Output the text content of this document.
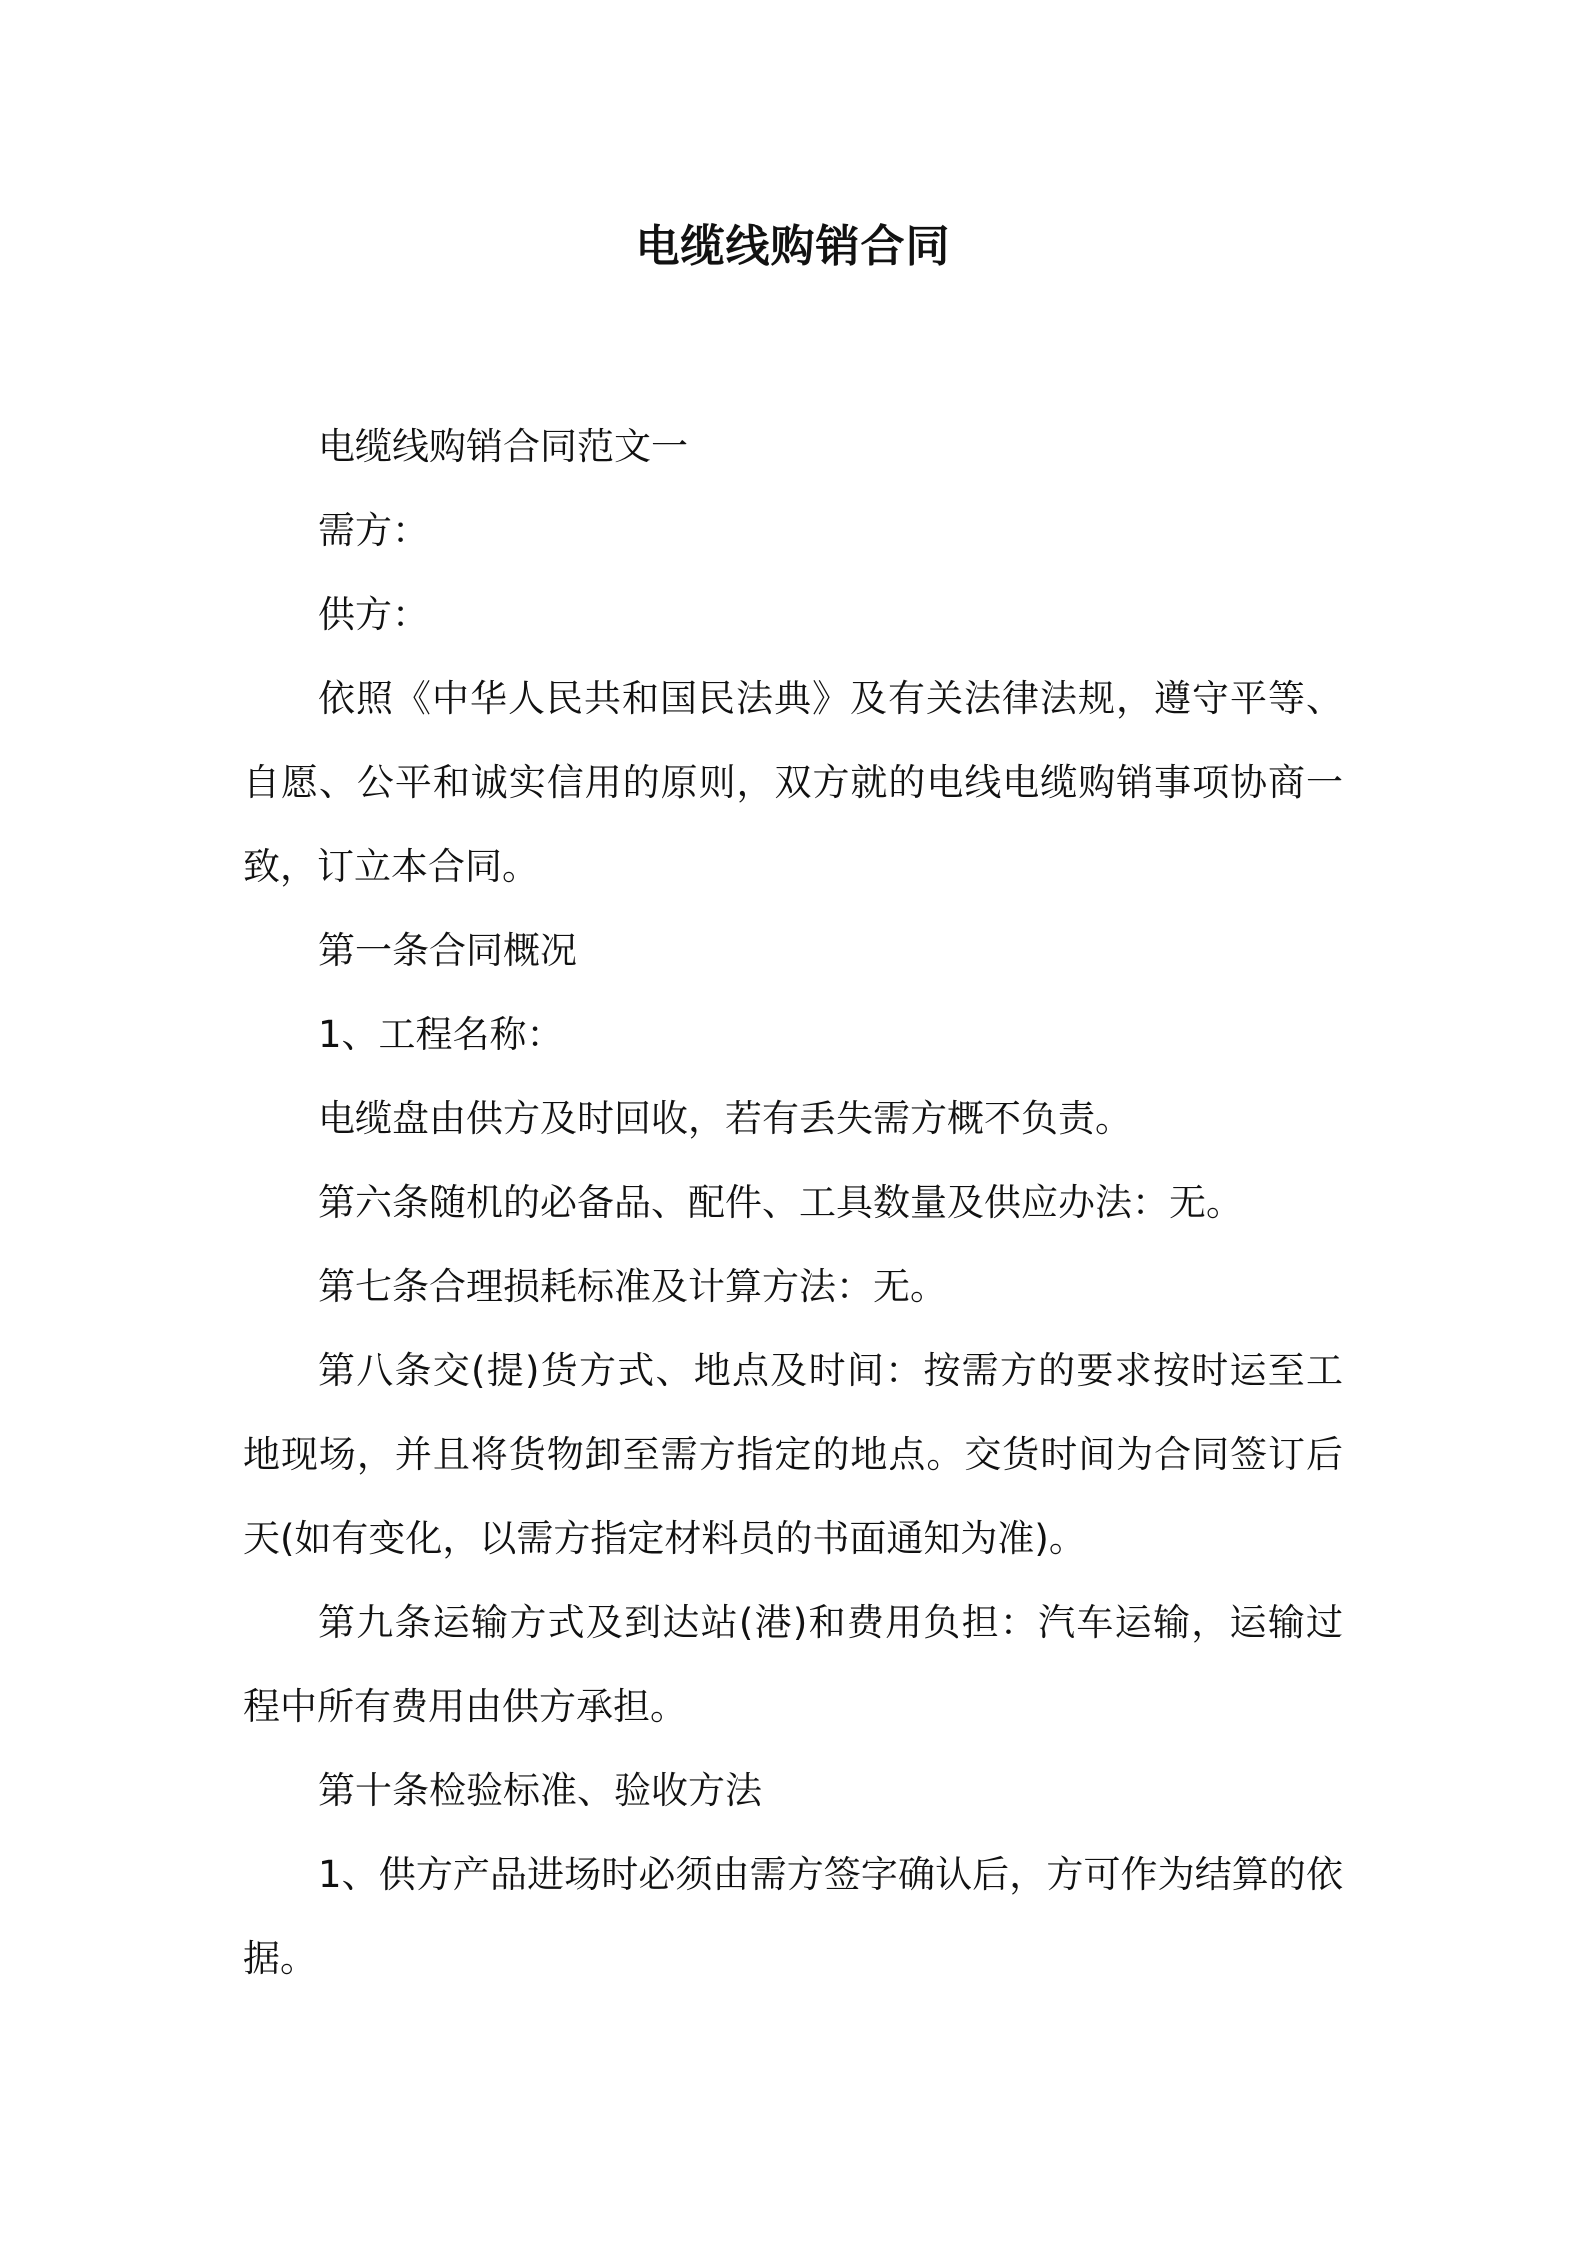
电缆线购销合同

电缆线购销合同范文一

需方：

供方：

依照《中华人民共和国民法典》及有关法律法规，遵守平等、自愿、公平和诚实信用的原则，双方就的电线电缆购销事项协商一致，订立本合同。

第一条合同概况

1、工程名称：

电缆盘由供方及时回收，若有丢失需方概不负责。

第六条随机的必备品、配件、工具数量及供应办法：无。

第七条合理损耗标准及计算方法：无。

第八条交(提)货方式、地点及时间：按需方的要求按时运至工地现场，并且将货物卸至需方指定的地点。交货时间为合同签订后天(如有变化，以需方指定材料员的书面通知为准)。

第九条运输方式及到达站(港)和费用负担：汽车运输，运输过程中所有费用由供方承担。

第十条检验标准、验收方法

1、供方产品进场时必须由需方签字确认后，方可作为结算的依据。
